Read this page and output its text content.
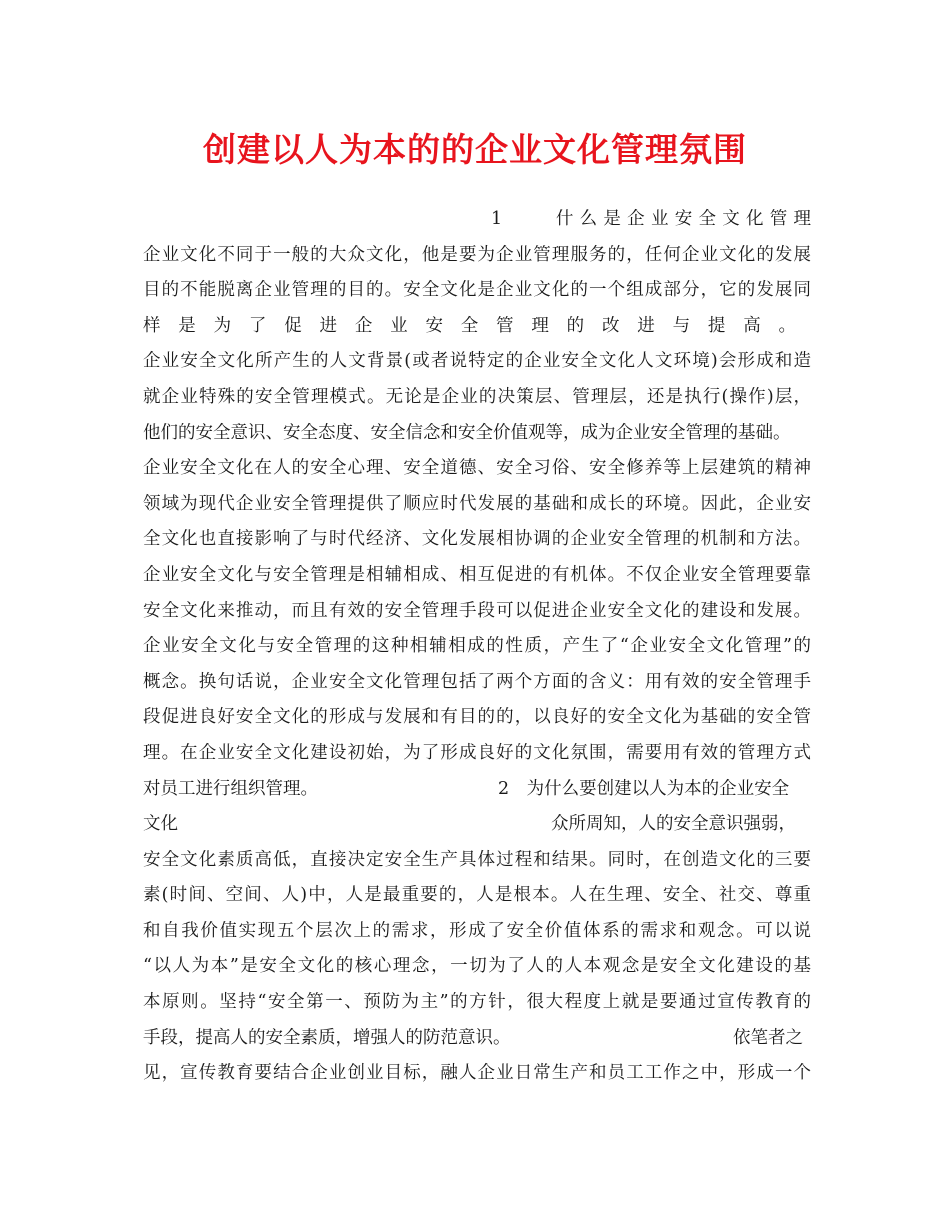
创建以人为本的的企业文化管理氛围
1　　什么是企业安全文化管理
企业文化不同于一般的大众文化，他是要为企业管理服务的，任何企业文化的发展
目的不能脱离企业管理的目的。安全文化是企业文化的一个组成部分，它的发展同
样是为了促进企业安全管理的改进与提高。
企业安全文化所产生的人文背景(或者说特定的企业安全文化人文环境)会形成和造
就企业特殊的安全管理模式。无论是企业的决策层、管理层，还是执行(操作)层，
他们的安全意识、安全态度、安全信念和安全价值观等，成为企业安全管理的基础。
企业安全文化在人的安全心理、安全道德、安全习俗、安全修养等上层建筑的精神
领域为现代企业安全管理提供了顺应时代发展的基础和成长的环境。因此，企业安
全文化也直接影响了与时代经济、文化发展相协调的企业安全管理的机制和方法。
企业安全文化与安全管理是相辅相成、相互促进的有机体。不仅企业安全管理要靠
安全文化来推动，而且有效的安全管理手段可以促进企业安全文化的建设和发展。
企业安全文化与安全管理的这种相辅相成的性质，产生了“企业安全文化管理”的
概念。换句话说，企业安全文化管理包括了两个方面的含义：用有效的安全管理手
段促进良好安全文化的形成与发展和有目的的，以良好的安全文化为基础的安全管
理。在企业安全文化建设初始，为了形成良好的文化氛围，需要用有效的管理方式
对员工进行组织管理。	2　为什么要创建以人为本的企业安全
文化	众所周知，人的安全意识强弱，
安全文化素质高低，直接决定安全生产具体过程和结果。同时，在创造文化的三要
素(时间、空间、人)中，人是最重要的，人是根本。人在生理、安全、社交、尊重
和自我价值实现五个层次上的需求，形成了安全价值体系的需求和观念。可以说
“以人为本”是安全文化的核心理念，一切为了人的人本观念是安全文化建设的基
本原则。坚持“安全第一、预防为主”的方针，很大程度上就是要通过宣传教育的
手段，提高人的安全素质，增强人的防范意识。	依笔者之
见，宣传教育要结合企业创业目标，融人企业日常生产和员工工作之中，形成一个
